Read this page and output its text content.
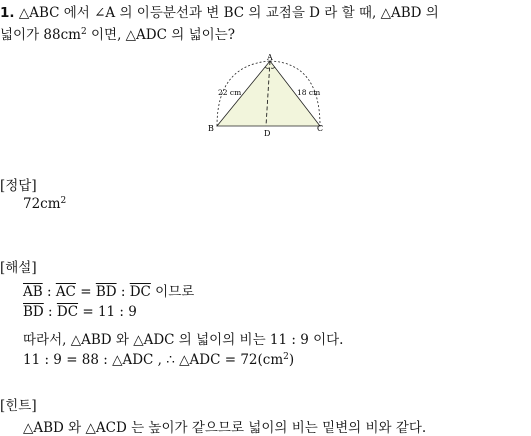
1. △ABC 에서 ∠A 의 이등분선과 변 BC 의 교점을 D 라 할 때, △ABD 의
넓이가 $88cm^2$ 이면, △ADC 의 넓이는?
A
B	C
D
22 cm	18 cm
[정답]
$72cm^2$
[해설]
$\overline{AB}$ : $\overline{AC} = \overline{BD}$ : $\overline{DC}$ 이므로
$\overline{BD}$ : $\overline{DC} = 11$ : 9
따라서, △ABD 와 △ADC 의 넓이의 비는 11 : 9 이다.
11 : 9 = 88 : △ADC , ∴ △ADC = $72(cm^2)$
[힌트]
△ABD 와 △ACD 는 높이가 같으므로 넓이의 비는 밑변의 비와 같다.
